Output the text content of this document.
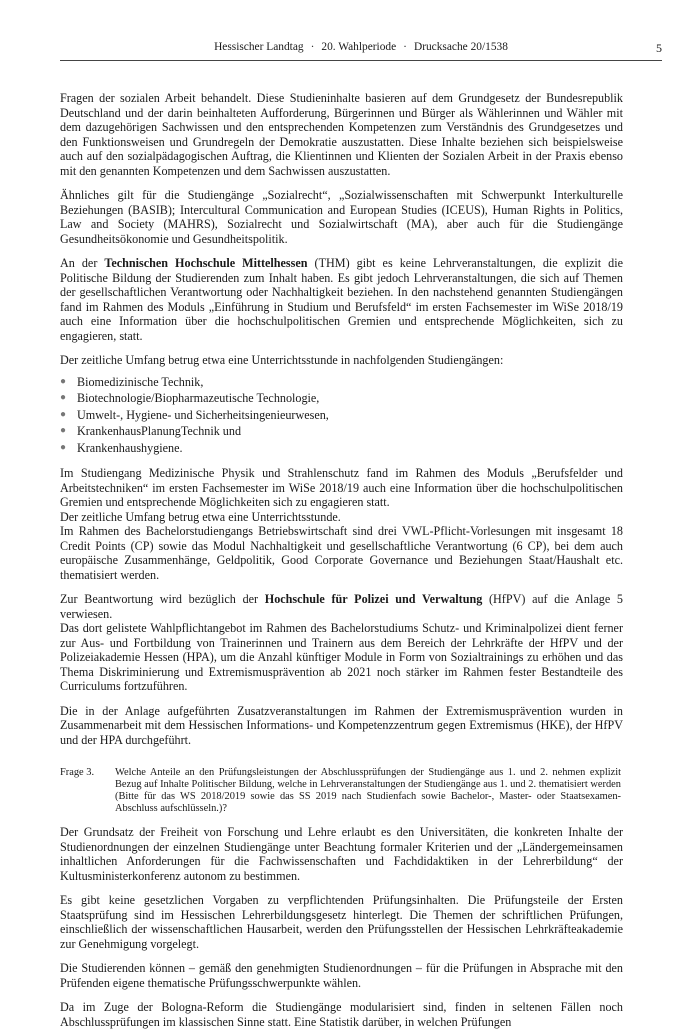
Hessischer Landtag · 20. Wahlperiode · Drucksache 20/1538	5

Fragen der sozialen Arbeit behandelt. Diese Studieninhalte basieren auf dem Grundgesetz der Bundesrepublik Deutschland und der darin beinhalteten Aufforderung, Bürgerinnen und Bürger als Wählerinnen und Wähler mit dem dazugehörigen Sachwissen und den entsprechenden Kompetenzen zum Verständnis des Grundgesetzes und den Funktionsweisen und Grundregeln der Demokratie auszustatten. Diese Inhalte beziehen sich beispielsweise auch auf den sozialpädagogischen Auftrag, die Klientinnen und Klienten der Sozialen Arbeit in der Praxis ebenso mit den genannten Kompetenzen und dem Sachwissen auszustatten.

Ähnliches gilt für die Studiengänge „Sozialrecht“, „Sozialwissenschaften mit Schwerpunkt Interkulturelle Beziehungen (BASIB); Intercultural Communication and European Studies (ICEUS), Human Rights in Politics, Law and Society (MAHRS), Sozialrecht und Sozialwirtschaft (MA), aber auch für die Studiengänge Gesundheitsökonomie und Gesundheitspolitik.

An der Technischen Hochschule Mittelhessen (THM) gibt es keine Lehrveranstaltungen, die explizit die Politische Bildung der Studierenden zum Inhalt haben. Es gibt jedoch Lehrveranstaltungen, die sich auf Themen der gesellschaftlichen Verantwortung oder Nachhaltigkeit beziehen. In den nachstehend genannten Studiengängen fand im Rahmen des Moduls „Einführung in Studium und Berufsfeld“ im ersten Fachsemester im WiSe 2018/19 auch eine Information über die hochschulpolitischen Gremien und entsprechende Möglichkeiten, sich zu engagieren, statt.

Der zeitliche Umfang betrug etwa eine Unterrichtsstunde in nachfolgenden Studiengängen:

● Biomedizinische Technik,
● Biotechnologie/Biopharmazeutische Technologie,
● Umwelt-, Hygiene- und Sicherheitsingenieurwesen,
● KrankenhausPlanungTechnik und
● Krankenhaushygiene.

Im Studiengang Medizinische Physik und Strahlenschutz fand im Rahmen des Moduls „Berufsfelder und Arbeitstechniken“ im ersten Fachsemester im WiSe 2018/19 auch eine Information über die hochschulpolitischen Gremien und entsprechende Möglichkeiten sich zu engagieren statt.

Der zeitliche Umfang betrug etwa eine Unterrichtsstunde.

Im Rahmen des Bachelorstudiengangs Betriebswirtschaft sind drei VWL-Pflicht-Vorlesungen mit insgesamt 18 Credit Points (CP) sowie das Modul Nachhaltigkeit und gesellschaftliche Verantwortung (6 CP), bei dem auch europäische Zusammenhänge, Geldpolitik, Good Corporate Governance und Beziehungen Staat/Haushalt etc. thematisiert werden.

Zur Beantwortung wird bezüglich der Hochschule für Polizei und Verwaltung (HfPV) auf die Anlage 5 verwiesen.

Das dort gelistete Wahlpflichtangebot im Rahmen des Bachelorstudiums Schutz- und Kriminalpolizei dient ferner zur Aus- und Fortbildung von Trainerinnen und Trainern aus dem Bereich der Lehrkräfte der HfPV und der Polizeiakademie Hessen (HPA), um die Anzahl künftiger Module in Form von Sozialtrainings zu erhöhen und das Thema Diskriminierung und Extremismusprävention ab 2021 noch stärker im Rahmen fester Bestandteile des Curriculums fortzuführen.

Die in der Anlage aufgeführten Zusatzveranstaltungen im Rahmen der Extremismusprävention wurden in Zusammenarbeit mit dem Hessischen Informations- und Kompetenzzentrum gegen Extremismus (HKE), der HfPV und der HPA durchgeführt.

Frage 3.	Welche Anteile an den Prüfungsleistungen der Abschlussprüfungen der Studiengänge aus 1. und 2. nehmen explizit Bezug auf Inhalte Politischer Bildung, welche in Lehrveranstaltungen der Studiengänge aus 1. und 2. thematisiert werden (Bitte für das WS 2018/2019 sowie das SS 2019 nach Studienfach sowie Bachelor-, Master- oder Staatsexamen-Abschluss aufschlüsseln.)?

Der Grundsatz der Freiheit von Forschung und Lehre erlaubt es den Universitäten, die konkreten Inhalte der Studienordnungen der einzelnen Studiengänge unter Beachtung formaler Kriterien und der „Ländergemeinsamen inhaltlichen Anforderungen für die Fachwissenschaften und Fachdidaktiken in der Lehrerbildung“ der Kultusministerkonferenz autonom zu bestimmen.

Es gibt keine gesetzlichen Vorgaben zu verpflichtenden Prüfungsinhalten. Die Prüfungsteile der Ersten Staatsprüfung sind im Hessischen Lehrerbildungsgesetz hinterlegt. Die Themen der schriftlichen Prüfungen, einschließlich der wissenschaftlichen Hausarbeit, werden den Prüfungsstellen der Hessischen Lehrkräfteakademie zur Genehmigung vorgelegt.

Die Studierenden können – gemäß den genehmigten Studienordnungen – für die Prüfungen in Absprache mit den Prüfenden eigene thematische Prüfungsschwerpunkte wählen.

Da im Zuge der Bologna-Reform die Studiengänge modularisiert sind, finden in seltenen Fällen noch Abschlussprüfungen im klassischen Sinne statt. Eine Statistik darüber, in welchen Prüfungen
